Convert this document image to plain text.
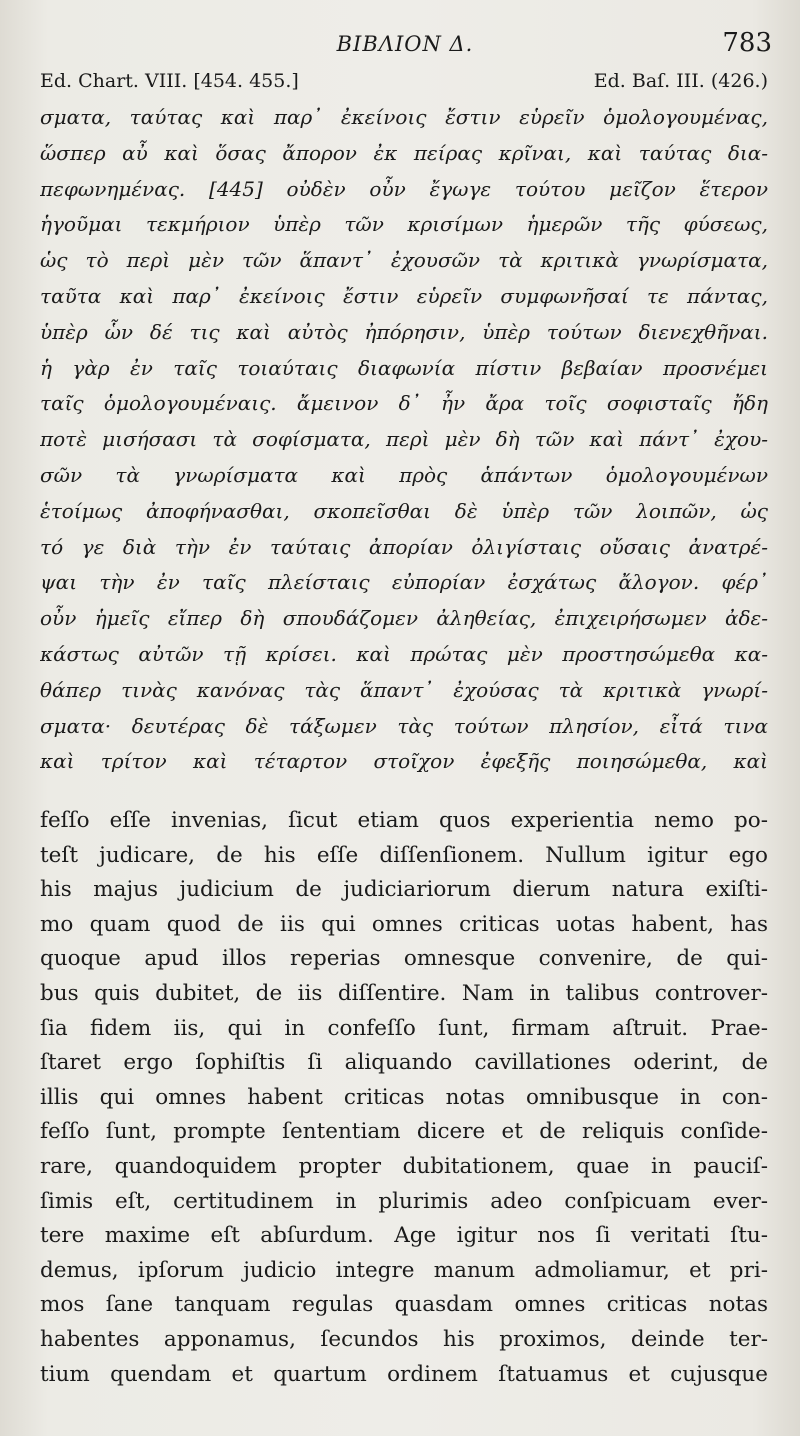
ΒΙΒΛΙΟΝ Δ.	783
Ed. Chart. VIII. [454. 455.]	Ed. Baſ. III. (426.)
σματα, ταύτας καὶ παρ᾽ ἐκείνοις ἔστιν εὑρεῖν ὁμολογουμένας,
ὥσπερ αὖ καὶ ὅσας ἄπορον ἐκ πείρας κρῖναι, καὶ ταύτας δια-
πεφωνημένας. [445] οὐδὲν οὖν ἔγωγε τούτου μεῖζον ἕτερον
ἡγοῦμαι τεκμήριον ὑπὲρ τῶν κρισίμων ἡμερῶν τῆς φύσεως,
ὡς τὸ περὶ μὲν τῶν ἅπαντ᾽ ἐχουσῶν τὰ κριτικὰ γνωρίσματα,
ταῦτα καὶ παρ᾽ ἐκείνοις ἔστιν εὑρεῖν συμφωνῆσαί τε πάντας,
ὑπὲρ ὧν δέ τις καὶ αὐτὸς ἠπόρησιν, ὑπὲρ τούτων διενεχθῆναι.
ἡ γὰρ ἐν ταῖς τοιαύταις διαφωνία πίστιν βεβαίαν προσνέμει
ταῖς ὁμολογουμέναις. ἄμεινον δ᾽ ἦν ἄρα τοῖς σοφισταῖς ἤδη
ποτὲ μισήσασι τὰ σοφίσματα, περὶ μὲν δὴ τῶν καὶ πάντ᾽ ἐχου-
σῶν τὰ γνωρίσματα καὶ πρὸς ἁπάντων ὁμολογουμένων
ἑτοίμως ἀποφήνασθαι, σκοπεῖσθαι δὲ ὑπὲρ τῶν λοιπῶν, ὡς
τό γε διὰ τὴν ἐν ταύταις ἀπορίαν ὀλιγίσταις οὔσαις ἀνατρέ-
ψαι τὴν ἐν ταῖς πλείσταις εὐπορίαν ἐσχάτως ἄλογον. φέρ᾽
οὖν ἡμεῖς εἴπερ δὴ σπουδάζομεν ἀληθείας, ἐπιχειρήσωμεν ἀδε-
κάστως αὐτῶν τῇ κρίσει. καὶ πρώτας μὲν προστησώμεθα κα-
θάπερ τινὰς κανόνας τὰς ἅπαντ᾽ ἐχούσας τὰ κριτικὰ γνωρί-
σματα· δευτέρας δὲ τάξωμεν τὰς τούτων πλησίον, εἶτά τινα
καὶ τρίτον καὶ τέταρτον στοῖχον ἐφεξῆς ποιησώμεθα, καὶ
feſſo eſſe invenias, ſicut etiam quos experientia nemo po-
teſt judicare, de his eſſe diſſenſionem. Nullum igitur ego
his majus judicium de judiciariorum dierum natura exiſti-
mo quam quod de iis qui omnes criticas uotas habent, has
quoque apud illos reperias omnesque convenire, de qui-
bus quis dubitet, de iis diſſentire. Nam in talibus controver-
ſia fidem iis, qui in confeſſo ſunt, firmam aſtruit. Prae-
ſtaret ergo ſophiſtis ſi aliquando cavillationes oderint, de
illis qui omnes habent criticas notas omnibusque in con-
feſſo ſunt, prompte ſententiam dicere et de reliquis conſide-
rare, quandoquidem propter dubitationem, quae in pauciſ-
ſimis eſt, certitudinem in plurimis adeo conſpicuam ever-
tere maxime eſt abſurdum. Age igitur nos ſi veritati ſtu-
demus, ipſorum judicio integre manum admoliamur, et pri-
mos ſane tanquam regulas quasdam omnes criticas notas
habentes apponamus, ſecundos his proximos, deinde ter-
tium quendam et quartum ordinem ſtatuamus et cujusque
